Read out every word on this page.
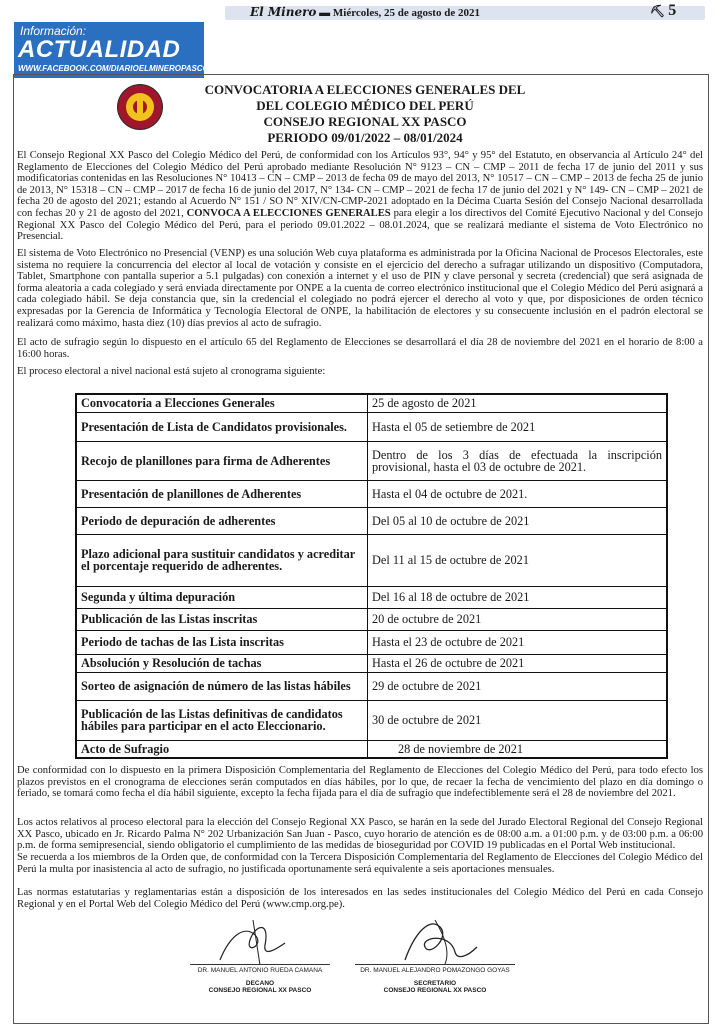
El Minero ▬ Miércoles, 25 de agosto de 2021	⛏ 5
Información:
ACTUALIDAD
WWW.FACEBOOK.COM/DIARIOELMINEROPASCO
CONVOCATORIA A ELECCIONES GENERALES DEL
DEL COLEGIO MÉDICO DEL PERÚ
CONSEJO REGIONAL XX PASCO
PERIODO 09/01/2022 – 08/01/2024
El Consejo Regional XX Pasco del Colegio Médico del Perú, de conformidad con los Artículos 93°, 94° y 95° del Estatuto, en observancia al Artículo 24° del Reglamento de Elecciones del Colegio Médico del Perú aprobado mediante Resolución N° 9123 – CN – CMP – 2011 de fecha 17 de junio del 2011 y sus modificatorias contenidas en las Resoluciones N° 10413 – CN – CMP – 2013 de fecha 09 de mayo del 2013, N° 10517 – CN – CMP – 2013 de fecha 25 de junio de 2013, N° 15318 – CN – CMP – 2017 de fecha 16 de junio del 2017, N° 134- CN – CMP – 2021 de fecha 17 de junio del 2021 y N° 149- CN – CMP – 2021 de fecha 20 de agosto del 2021; estando al Acuerdo N° 151 / SO N° XIV/CN-CMP-2021 adoptado en la Décima Cuarta Sesión del Consejo Nacional desarrollada con fechas 20 y 21 de agosto del 2021, CONVOCA A ELECCIONES GENERALES para elegir a los directivos del Comité Ejecutivo Nacional y del Consejo Regional XX Pasco del Colegio Médico del Perú, para el periodo 09.01.2022 – 08.01.2024, que se realizará mediante el sistema de Voto Electrónico no Presencial.
El sistema de Voto Electrónico no Presencial (VENP) es una solución Web cuya plataforma es administrada por la Oficina Nacional de Procesos Electorales, este sistema no requiere la concurrencia del elector al local de votación y consiste en el ejercicio del derecho a sufragar utilizando un dispositivo (Computadora, Tablet, Smartphone con pantalla superior a 5.1 pulgadas) con conexión a internet y el uso de PIN y clave personal y secreta (credencial) que será asignada de forma aleatoria a cada colegiado y será enviada directamente por ONPE a la cuenta de correo electrónico institucional que el Colegio Médico del Perú asignará a cada colegiado hábil. Se deja constancia que, sin la credencial el colegiado no podrá ejercer el derecho al voto y que, por disposiciones de orden técnico expresadas por la Gerencia de Informática y Tecnología Electoral de ONPE, la habilitación de electores y su consecuente inclusión en el padrón electoral se realizará como máximo, hasta diez (10) días previos al acto de sufragio.
El acto de sufragio según lo dispuesto en el artículo 65 del Reglamento de Elecciones se desarrollará el día 28 de noviembre del 2021 en el horario de 8:00 a 16:00 horas.
El proceso electoral a nivel nacional está sujeto al cronograma siguiente:
Convocatoria a Elecciones Generales	25 de agosto de 2021
Presentación de Lista de Candidatos provisionales.	Hasta el 05 de setiembre de 2021
Recojo de planillones para firma de Adherentes	Dentro de los 3 días de efectuada la inscripción provisional, hasta el 03 de octubre de 2021.
Presentación de planillones de Adherentes	Hasta el 04 de octubre de 2021.
Periodo de depuración de adherentes	Del 05 al 10 de octubre de 2021
Plazo adicional para sustituir candidatos y acreditar el porcentaje requerido de adherentes.	Del 11 al 15 de octubre de 2021
Segunda y última depuración	Del 16 al 18 de octubre de 2021
Publicación de las Listas inscritas	20 de octubre de 2021
Periodo de tachas de las Lista inscritas	Hasta el 23 de octubre de 2021
Absolución y Resolución de tachas	Hasta el 26 de octubre de 2021
Sorteo de asignación de número de las listas hábiles	29 de octubre de 2021
Publicación de las Listas definitivas de candidatos hábiles para participar en el acto Eleccionario.	30 de octubre de 2021
Acto de Sufragio	28 de noviembre de 2021
De conformidad con lo dispuesto en la primera Disposición Complementaria del Reglamento de Elecciones del Colegio Médico del Perú, para todo efecto los plazos previstos en el cronograma de elecciones serán computados en días hábiles, por lo que, de recaer la fecha de vencimiento del plazo en día domingo o feriado, se tomará como fecha el día hábil siguiente, excepto la fecha fijada para el día de sufragio que indefectiblemente será el 28 de noviembre del 2021.
Los actos relativos al proceso electoral para la elección del Consejo Regional XX Pasco, se harán en la sede del Jurado Electoral Regional del Consejo Regional XX Pasco, ubicado en Jr. Ricardo Palma N° 202 Urbanización San Juan - Pasco, cuyo horario de atención es de 08:00 a.m. a 01:00 p.m. y de 03:00 p.m. a 06:00 p.m. de forma semipresencial, siendo obligatorio el cumplimiento de las medidas de bioseguridad por COVID 19 publicadas en el Portal Web institucional.
Se recuerda a los miembros de la Orden que, de conformidad con la Tercera Disposición Complementaria del Reglamento de Elecciones del Colegio Médico del Perú la multa por inasistencia al acto de sufragio, no justificada oportunamente será equivalente a seis aportaciones mensuales.
Las normas estatutarias y reglamentarias están a disposición de los interesados en las sedes institucionales del Colegio Médico del Perú en cada Consejo Regional y en el Portal Web del Colegio Médico del Perú (www.cmp.org.pe).
DR. MANUEL ANTONIO RUEDA CAMANA
DECANO
CONSEJO REGIONAL XX PASCO
DR. MANUEL ALEJANDRO POMAZONGO GOYAS
SECRETARIO
CONSEJO REGIONAL XX PASCO
